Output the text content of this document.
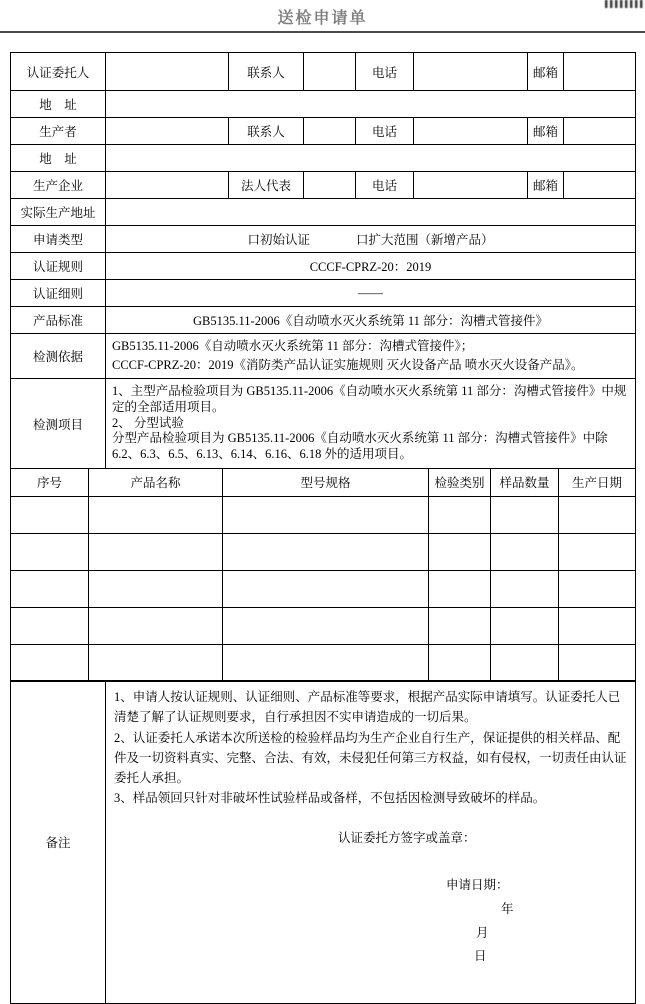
送检申请单
认证委托人		联系人		电话		邮箱	
地    址							
生产者		联系人		电话		邮箱	
地    址							
生产企业		法人代表		电话		邮箱	
实际生产地址							
申请类型	口初始认证 口扩大范围（新增产品）						

认证规则	CCCF-CPRZ-20：2019						
认证细则	——						
产品标准	GB5135.11-2006《自动喷水灭火系统第 11 部分：沟槽式管接件》						
检测依据	GB5135.11-2006《自动喷水灭火系统第 11 部分：沟槽式管接件》；
CCCF-CPRZ-20：2019《消防类产品认证实施规则 灭火设备产品 喷水灭火设备产品》。						

检测项目	1、主型产品检验项目为 GB5135.11-2006《自动喷水灭火系统第 11 部分：沟槽式管接件》中规定的全部适用项目。
2、 分型试验
分型产品检验项目为 GB5135.11-2006《自动喷水灭火系统第 11 部分：沟槽式管接件》中除 6.2、6.3、6.5、6.13、6.14、6.16、6.18 外的适用项目。						
序号	产品名称	型号规格	检验类别	样品数量	生产日期

备注	
1、申请人按认证规则、认证细则、产品标准等要求，根据产品实际申请填写。认证委托人已清楚了解了认证规则要求，自行承担因不实申请造成的一切后果。
2、认证委托人承诺本次所送检的检验样品均为生产企业自行生产，保证提供的相关样品、配件及一切资料真实、完整、合法、有效，未侵犯任何第三方权益，如有侵权，一切责任由认证委托人承担。
3、样品领回只针对非破坏性试验样品或备样，不包括因检测导致破坏的样品。
认证委托方签字或盖章：

申请日期：
年
月
日
